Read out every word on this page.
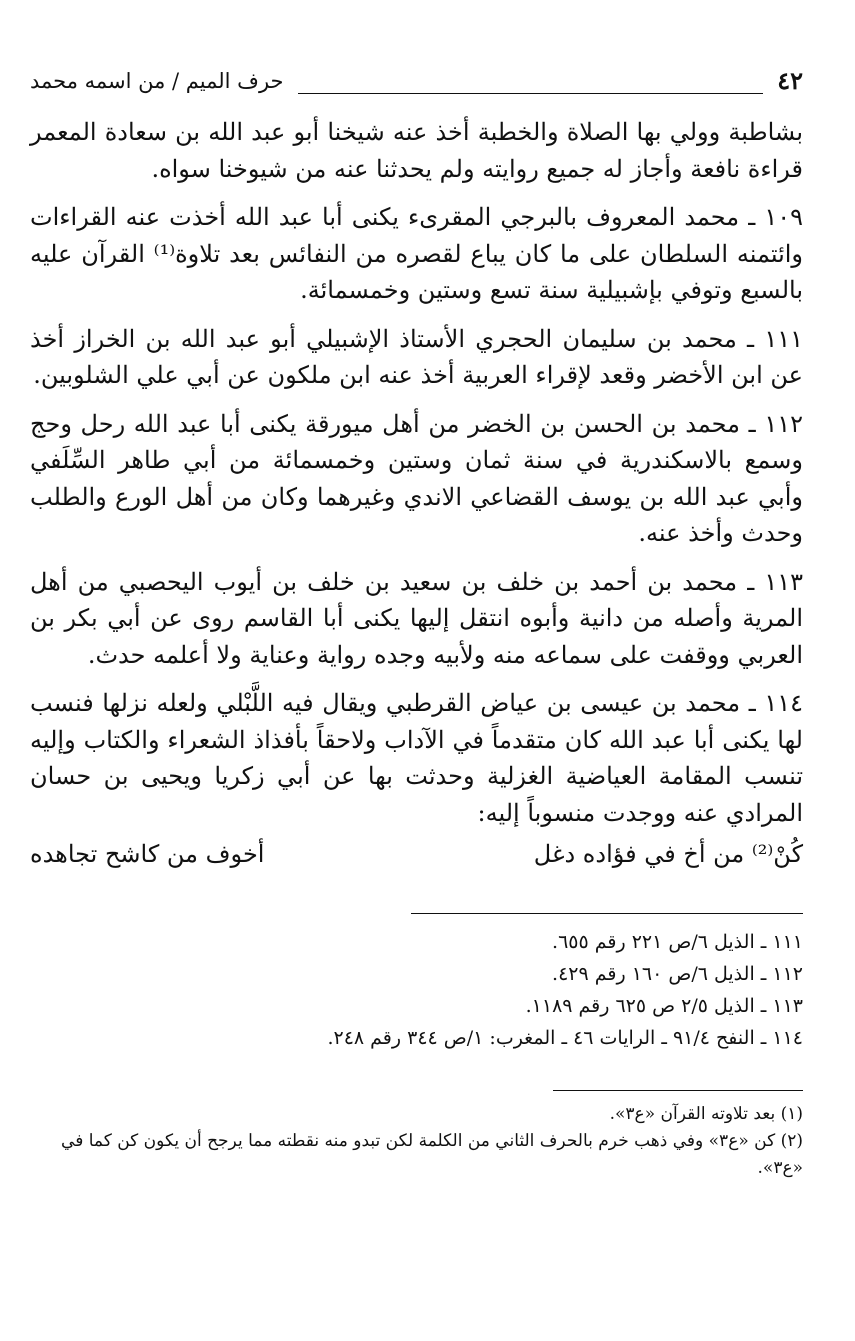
٤٢
حرف الميم / من اسمه محمد

بشاطبة وولي بها الصلاة والخطبة أخذ عنه شيخنا أبو عبد الله بن سعادة المعمر قراءة نافعة وأجاز له جميع روايته ولم يحدثنا عنه من شيوخنا سواه.

١٠٩ ـ محمد المعروف بالبرجي المقرىء يكنى أبا عبد الله أخذت عنه القراءات وائتمنه السلطان على ما كان يباع لقصره من النفائس بعد تلاوة⁽¹⁾ القرآن عليه بالسبع وتوفي بإشبيلية سنة تسع وستين وخمسمائة.

١١١ ـ محمد بن سليمان الحجري الأستاذ الإشبيلي أبو عبد الله بن الخراز أخذ عن ابن الأخضر وقعد لإقراء العربية أخذ عنه ابن ملكون عن أبي علي الشلوبين.

١١٢ ـ محمد بن الحسن بن الخضر من أهل ميورقة يكنى أبا عبد الله رحل وحج وسمع بالاسكندرية في سنة ثمان وستين وخمسمائة من أبي طاهر السِّلَفي وأبي عبد الله بن يوسف القضاعي الاندي وغيرهما وكان من أهل الورع والطلب وحدث وأخذ عنه.

١١٣ ـ محمد بن أحمد بن خلف بن سعيد بن خلف بن أيوب اليحصبي من أهل المرية وأصله من دانية وأبوه انتقل إليها يكنى أبا القاسم روى عن أبي بكر بن العربي ووقفت على سماعه منه ولأبيه وجده رواية وعناية ولا أعلمه حدث.

١١٤ ـ محمد بن عيسى بن عياض القرطبي ويقال فيه اللَّبْلي ولعله نزلها فنسب لها يكنى أبا عبد الله كان متقدماً في الآداب ولاحقاً بأفذاذ الشعراء والكتاب وإليه تنسب المقامة العياضية الغزلية وحدثت بها عن أبي زكريا ويحيى بن حسان المرادي عنه ووجدت منسوباً إليه:

كُنْ⁽²⁾ من أخ في فؤاده دغل
أخوف من كاشح تجاهده
١١١ ـ الذيل ٦/ص ٢٢١ رقم ٦٥٥.
١١٢ ـ الذيل ٦/ص ١٦٠ رقم ٤٢٩.
١١٣ ـ الذيل ٢/٥ ص ٦٢٥ رقم ١١٨٩.
١١٤ ـ النفح ٩١/٤ ـ الرايات ٤٦ ـ المغرب: ١/ص ٣٤٤ رقم ٢٤٨.
(١) بعد تلاوته القرآن «ع٣».
(٢) كن «ع٣» وفي ذهب خرم بالحرف الثاني من الكلمة لكن تبدو منه نقطته مما يرجح أن يكون كن كما في «ع٣».
